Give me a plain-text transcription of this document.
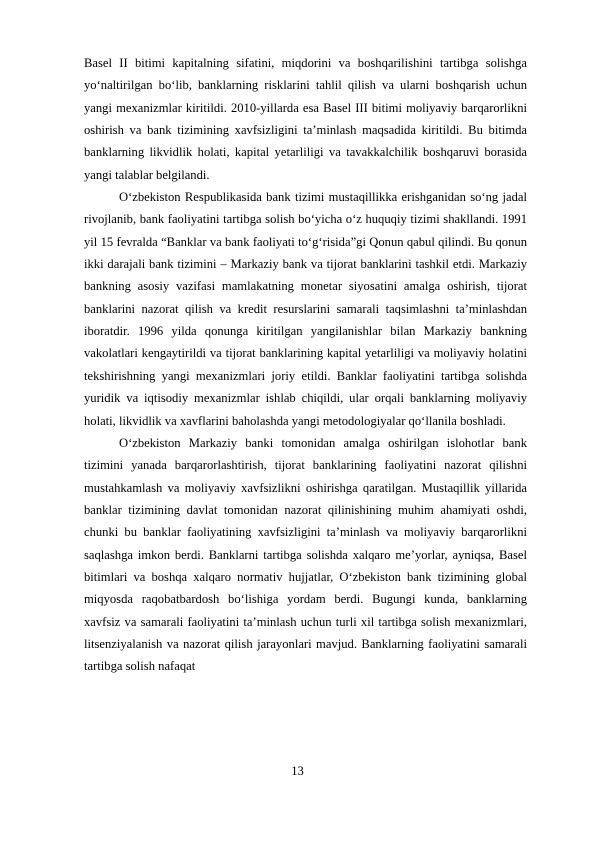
Basel II bitimi kapitalning sifatini, miqdorini va boshqarilishini tartibga solishga yo‘naltirilgan bo‘lib, banklarning risklarini tahlil qilish va ularni boshqarish uchun yangi mexanizmlar kiritildi. 2010-yillarda esa Basel III bitimi moliyaviy barqarorlikni oshirish va bank tizimining xavfsizligini ta’minlash maqsadida kiritildi. Bu bitimda banklarning likvidlik holati, kapital yetarliligi va tavakkalchilik boshqaruvi borasida yangi talablar belgilandi.

O‘zbekiston Respublikasida bank tizimi mustaqillikka erishganidan so‘ng jadal rivojlanib, bank faoliyatini tartibga solish bo‘yicha o‘z huquqiy tizimi shakllandi. 1991 yil 15 fevralda “Banklar va bank faoliyati to‘g‘risida”gi Qonun qabul qilindi. Bu qonun ikki darajali bank tizimini – Markaziy bank va tijorat banklarini tashkil etdi. Markaziy bankning asosiy vazifasi mamlakatning monetar siyosatini amalga oshirish, tijorat banklarini nazorat qilish va kredit resurslarini samarali taqsimlashni ta’minlashdan iboratdir. 1996 yilda qonunga kiritilgan yangilanishlar bilan Markaziy bankning vakolatlari kengaytirildi va tijorat banklarining kapital yetarliligi va moliyaviy holatini tekshirishning yangi mexanizmlari joriy etildi. Banklar faoliyatini tartibga solishda yuridik va iqtisodiy mexanizmlar ishlab chiqildi, ular orqali banklarning moliyaviy holati, likvidlik va xavflarini baholashda yangi metodologiyalar qo‘llanila boshladi.

O‘zbekiston Markaziy banki tomonidan amalga oshirilgan islohotlar bank tizimini yanada barqarorlashtirish, tijorat banklarining faoliyatini nazorat qilishni mustahkamlash va moliyaviy xavfsizlikni oshirishga qaratilgan. Mustaqillik yillarida banklar tizimining davlat tomonidan nazorat qilinishining muhim ahamiyati oshdi, chunki bu banklar faoliyatining xavfsizligini ta’minlash va moliyaviy barqarorlikni saqlashga imkon berdi. Banklarni tartibga solishda xalqaro me’yorlar, ayniqsa, Basel bitimlari va boshqa xalqaro normativ hujjatlar, O‘zbekiston bank tizimining global miqyosda raqobatbardosh bo‘lishiga yordam berdi. Bugungi kunda, banklarning xavfsiz va samarali faoliyatini ta’minlash uchun turli xil tartibga solish mexanizmlari, litsenziyalanish va nazorat qilish jarayonlari mavjud. Banklarning faoliyatini samarali tartibga solish nafaqat

13
